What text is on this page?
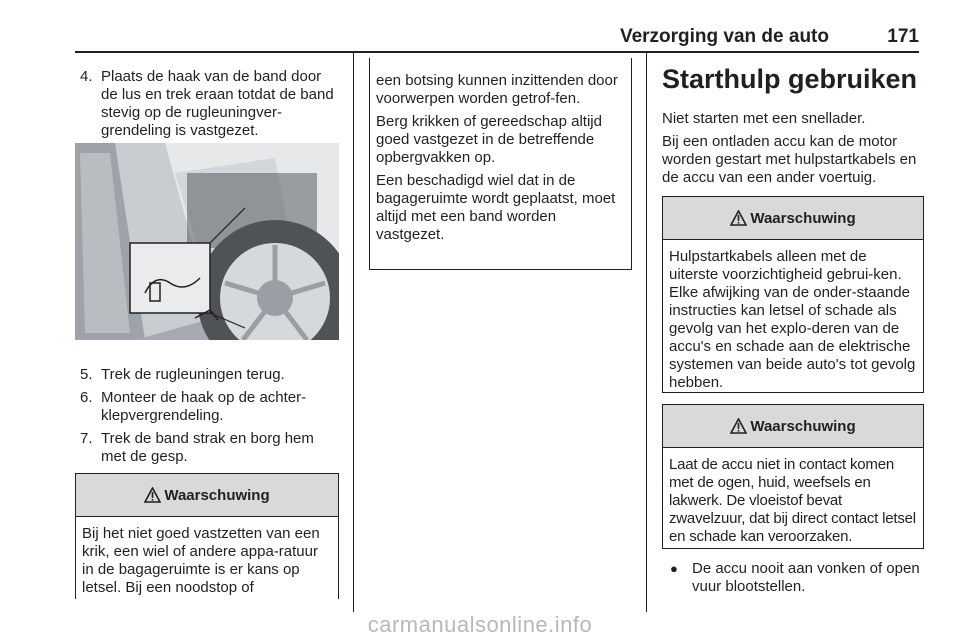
Verzorging van de auto	171
4. Plaats de haak van de band door de lus en trek eraan totdat de band stevig op de rugleuningver-grendeling is vastgezet.
5. Trek de rugleuningen terug.
6. Monteer de haak op de achter-klepvergrendeling.
7. Trek de band strak en borg hem met de gesp.
Waarschuwing
Bij het niet goed vastzetten van een krik, een wiel of andere appa-ratuur in de bagageruimte is er kans op letsel. Bij een noodstop of

een botsing kunnen inzittenden door voorwerpen worden getrof-fen.

Berg krikken of gereedschap altijd goed vastgezet in de betreffende opbergvakken op.

Een beschadigd wiel dat in de bagageruimte wordt geplaatst, moet altijd met een band worden vastgezet.

Starthulp gebruiken

Niet starten met een snellader.

Bij een ontladen accu kan de motor worden gestart met hulpstartkabels en de accu van een ander voertuig.

Waarschuwing
Hulpstartkabels alleen met de uiterste voorzichtigheid gebrui-ken. Elke afwijking van de onder-staande instructies kan letsel of schade als gevolg van het explo-deren van de accu's en schade aan de elektrische systemen van beide auto's tot gevolg hebben.
Waarschuwing
Laat de accu niet in contact komen met de ogen, huid, weefsels en lakwerk. De vloeistof bevat zwavelzuur, dat bij direct contact letsel en schade kan veroorzaken.
● De accu nooit aan vonken of open vuur blootstellen.
carmanualsonline.info
